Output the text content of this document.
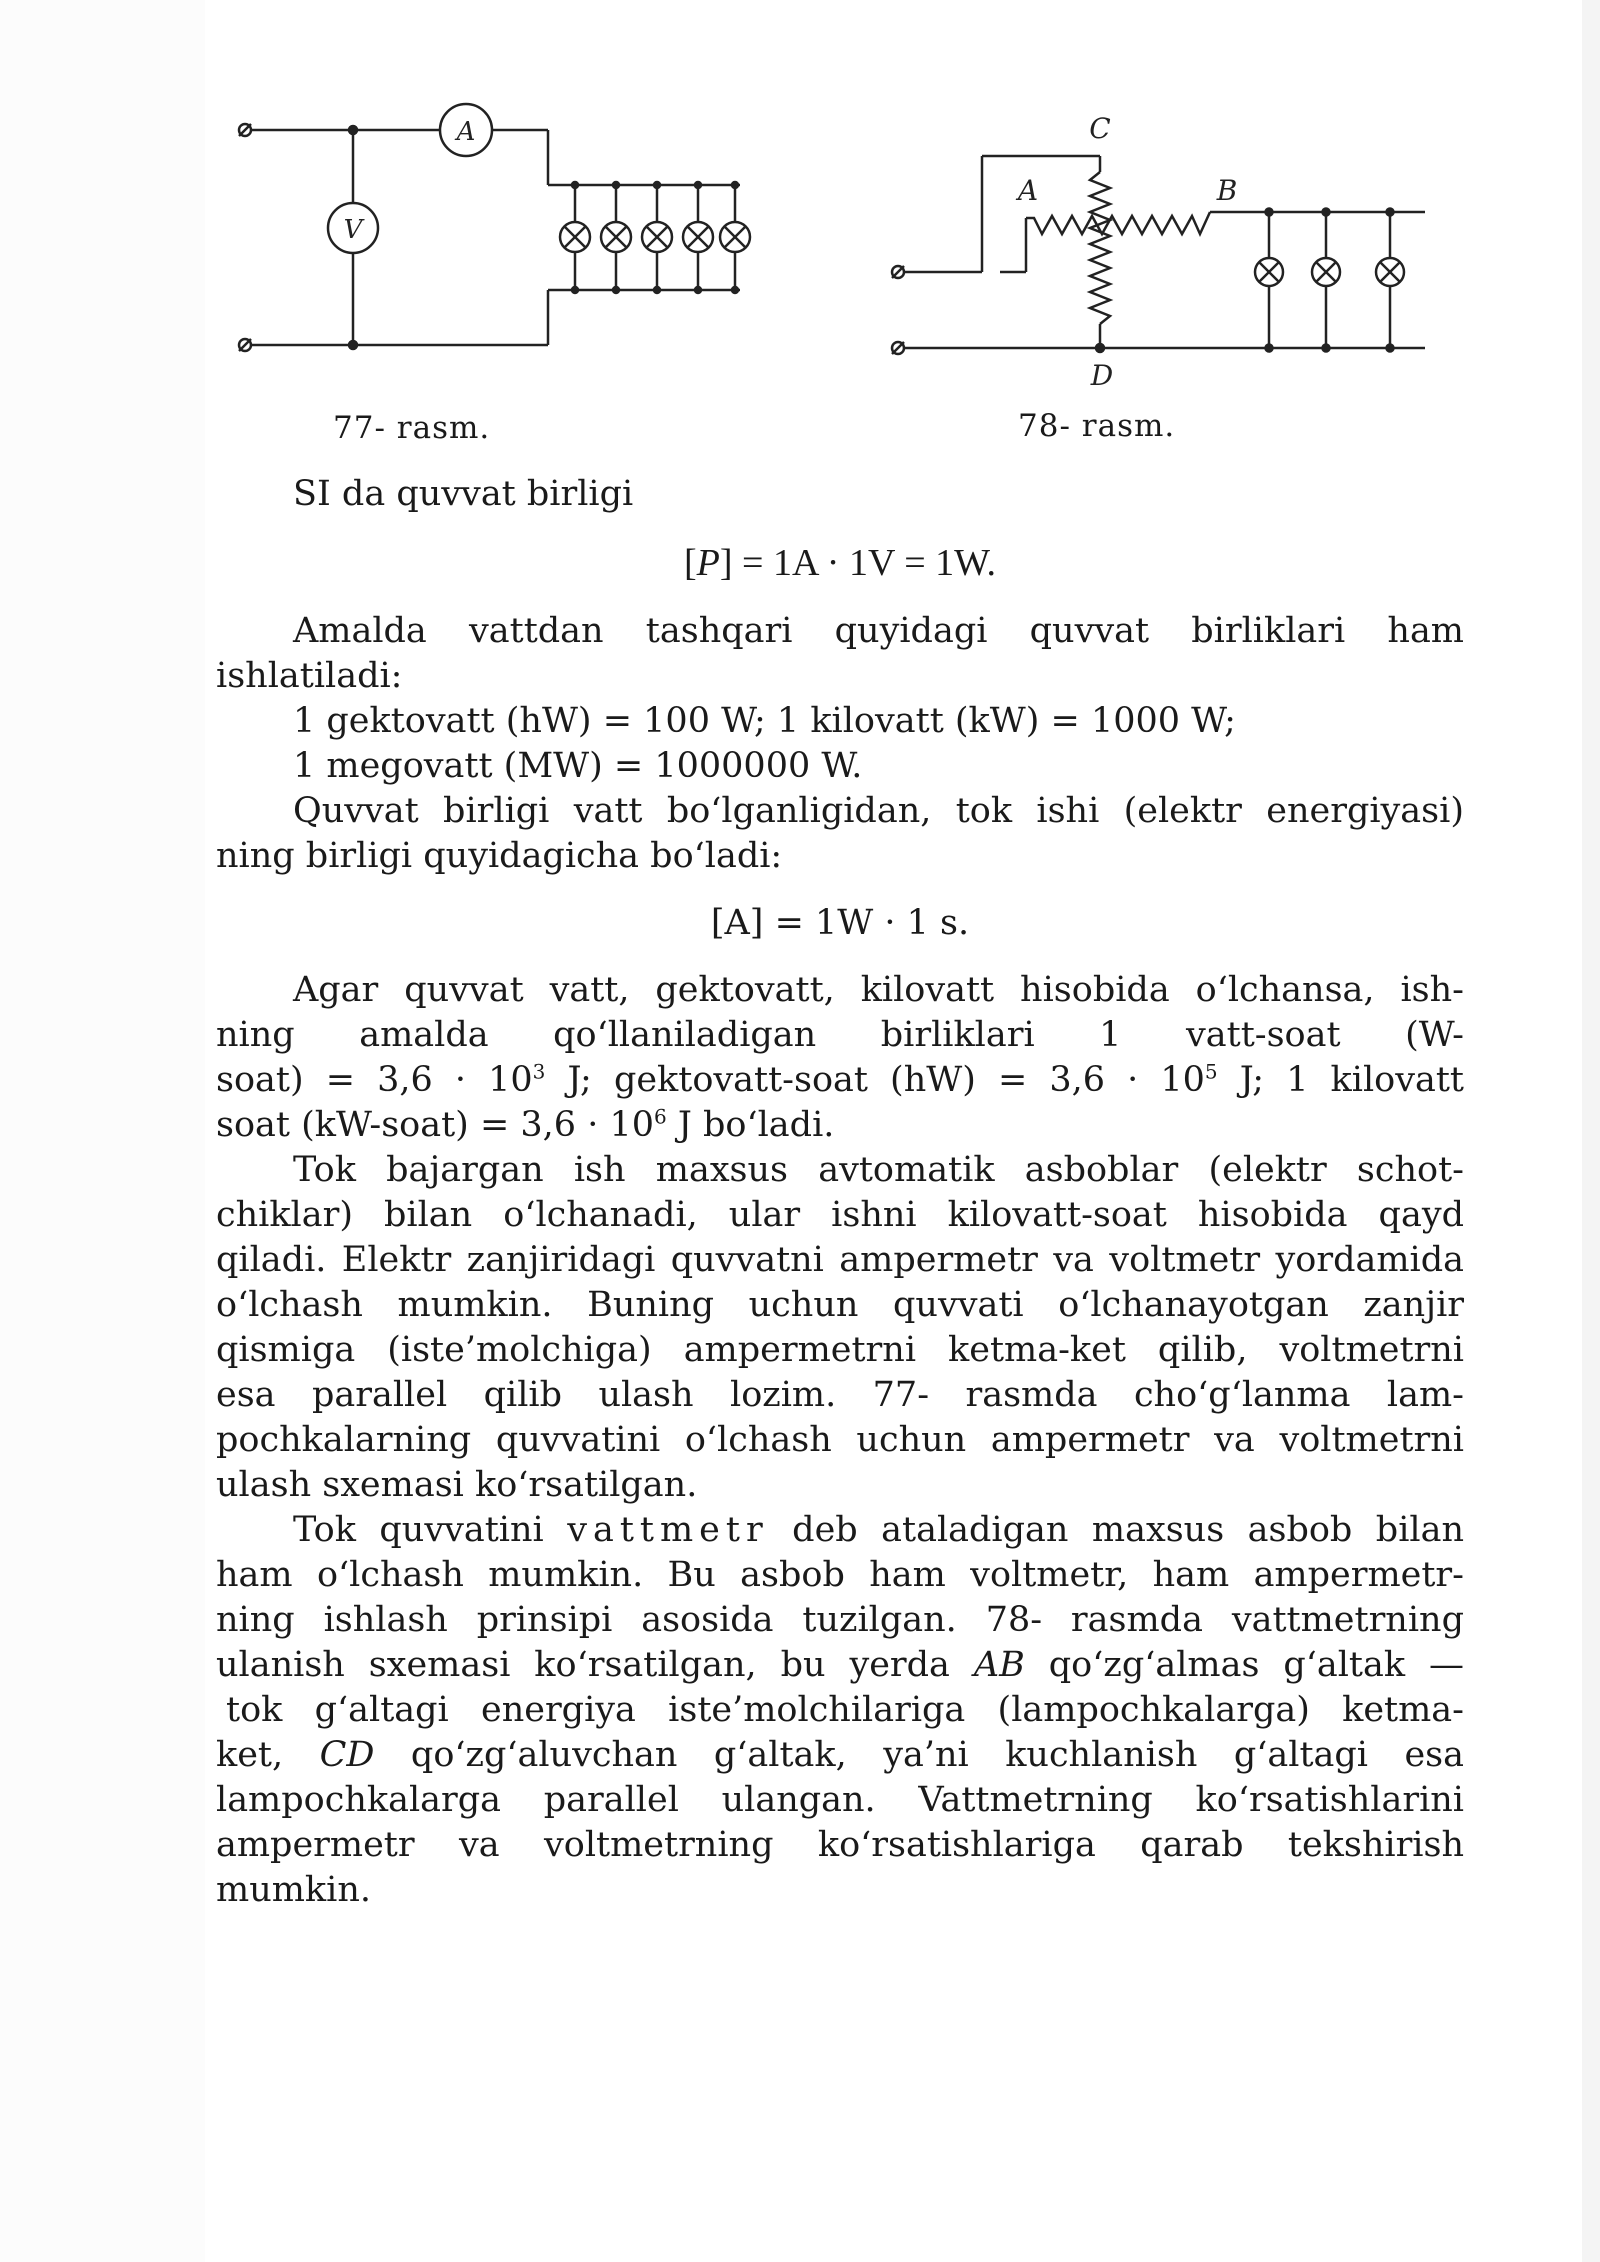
V
A	C
A	B
D
77- rasm.	78- rasm.
SI da quvvat birligi
[P] = 1A · 1V = 1W.
Amalda vattdan tashqari quyidagi quvvat birliklari ham
ishlatiladi:
1 gektovatt (hW) = 100 W; 1 kilovatt (kW) = 1000 W;
1 megovatt (MW) = 1000000 W.
Quvvat birligi vatt bo‘lganligidan, tok ishi (elektr energiyasi)
ning birligi quyidagicha bo‘ladi:
[A] = 1W · 1 s.
Agar quvvat vatt, gektovatt, kilovatt hisobida o‘lchansa, ish-
ning amalda qo‘llaniladigan birliklari 1 vatt-soat (W-
soat) = $3,6 \cdot 10^3$ J; gektovatt-soat $(hW) = 3,6 \cdot 10^5$ J; 1 kilovatt
soat (kW-soat) = $3,6 \cdot 10^6$ J bo‘ladi.
Tok bajargan ish maxsus avtomatik asboblar (elektr schot-
chiklar) bilan o‘lchanadi, ular ishni kilovatt-soat hisobida qayd
qiladi. Elektr zanjiridagi quvvatni ampermetr va voltmetr yordamida
o‘lchash mumkin. Buning uchun quvvati o‘lchanayotgan zanjir
qismiga (iste’molchiga) ampermetrni ketma-ket qilib, voltmetrni
esa parallel qilib ulash lozim. 77- rasmda cho‘g‘lanma lam-
pochkalarning quvvatini o‘lchash uchun ampermetr va voltmetrni
ulash sxemasi ko‘rsatilgan.
Tok quvvatini vattmetr deb ataladigan maxsus asbob bilan
ham o‘lchash mumkin. Bu asbob ham voltmetr, ham ampermetr-
ning ishlash prinsipi asosida tuzilgan. 78- rasmda vattmetrning
ulanish sxemasi ko‘rsatilgan, bu yerda AB qo‘zg‘almas g‘altak —
tok g‘altagi energiya iste’molchilariga (lampochkalarga) ketma-
ket, CD qo‘zg‘aluvchan g‘altak, ya’ni kuchlanish g‘altagi esa
lampochkalarga parallel ulangan. Vattmetrning ko‘rsatishlarini
ampermetr va voltmetrning ko‘rsatishlariga qarab tekshirish
mumkin.
